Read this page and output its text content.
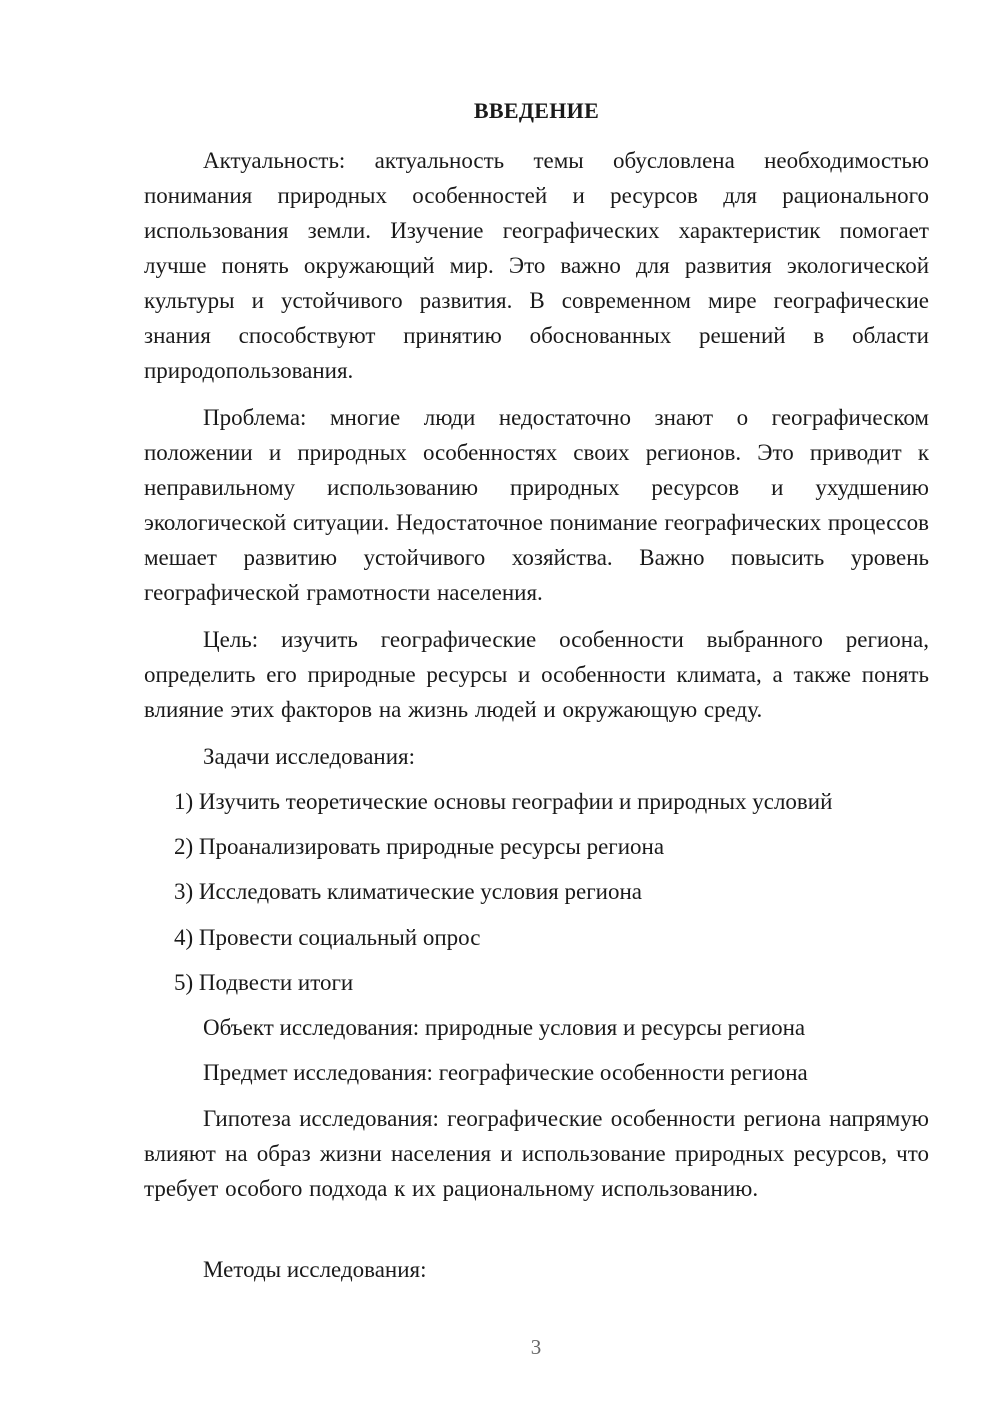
ВВЕДЕНИЕ

Актуальность: актуальность темы обусловлена необходимостью понимания природных особенностей и ресурсов для рационального использования земли. Изучение географических характеристик помогает лучше понять окружающий мир. Это важно для развития экологической культуры и устойчивого развития. В современном мире географические знания способствуют принятию обоснованных решений в области природопользования.

Проблема: многие люди недостаточно знают о географическом положении и природных особенностях своих регионов. Это приводит к неправильному использованию природных ресурсов и ухудшению экологической ситуации. Недостаточное понимание географических процессов мешает развитию устойчивого хозяйства. Важно повысить уровень географической грамотности населения.

Цель: изучить географические особенности выбранного региона, определить его природные ресурсы и особенности климата, а также понять влияние этих факторов на жизнь людей и окружающую среду.

Задачи исследования:

1) Изучить теоретические основы географии и природных условий

2) Проанализировать природные ресурсы региона

3) Исследовать климатические условия региона

4) Провести социальный опрос

5) Подвести итоги

Объект исследования: природные условия и ресурсы региона

Предмет исследования: географические особенности региона

Гипотеза исследования: географические особенности региона напрямую влияют на образ жизни населения и использование природных ресурсов, что требует особого подхода к их рациональному использованию.

Методы исследования:

3
